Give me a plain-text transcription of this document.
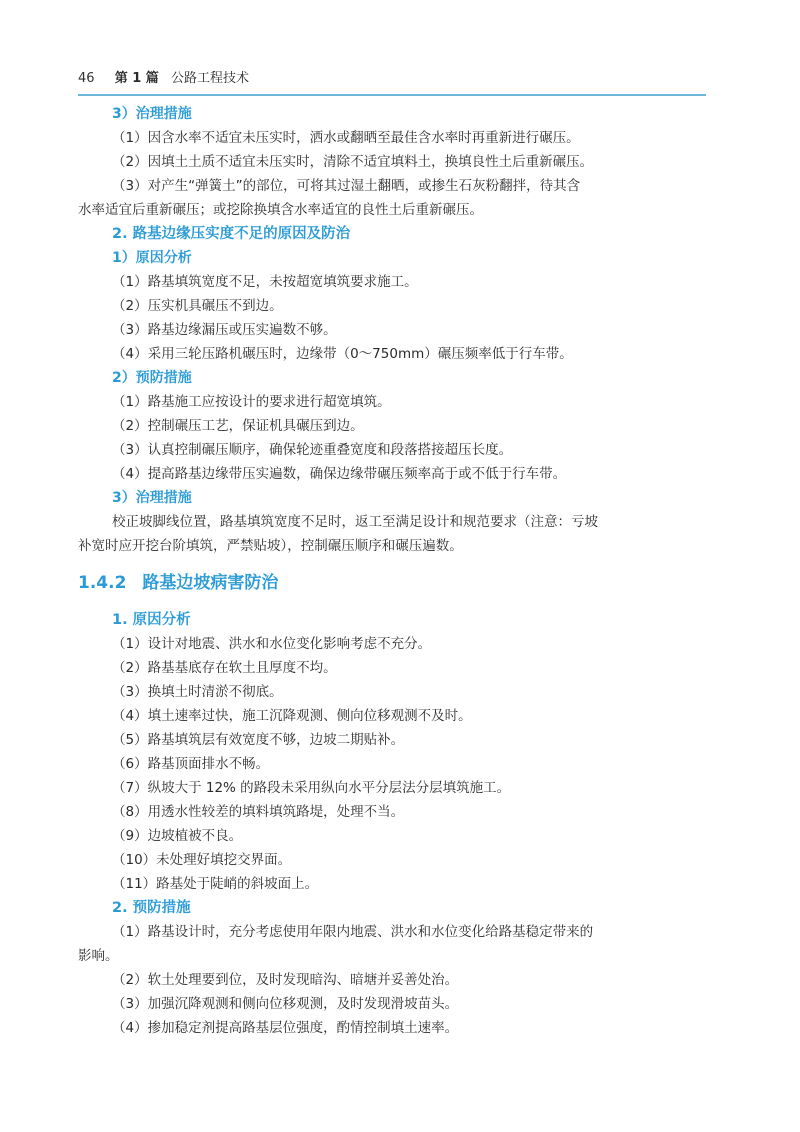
46 第 1 篇 公路工程技术
3）治理措施
（1）因含水率不适宜未压实时，洒水或翻晒至最佳含水率时再重新进行碾压。
（2）因填土土质不适宜未压实时，清除不适宜填料土，换填良性土后重新碾压。
（3）对产生“弹簧土”的部位，可将其过湿土翻晒，或掺生石灰粉翻拌，待其含
水率适宜后重新碾压；或挖除换填含水率适宜的良性土后重新碾压。
2. 路基边缘压实度不足的原因及防治
1）原因分析
（1）路基填筑宽度不足，未按超宽填筑要求施工。
（2）压实机具碾压不到边。
（3）路基边缘漏压或压实遍数不够。
（4）采用三轮压路机碾压时，边缘带（0～750mm）碾压频率低于行车带。
2）预防措施
（1）路基施工应按设计的要求进行超宽填筑。
（2）控制碾压工艺，保证机具碾压到边。
（3）认真控制碾压顺序，确保轮迹重叠宽度和段落搭接超压长度。
（4）提高路基边缘带压实遍数，确保边缘带碾压频率高于或不低于行车带。
3）治理措施
校正坡脚线位置，路基填筑宽度不足时，返工至满足设计和规范要求（注意：亏坡
补宽时应开挖台阶填筑，严禁贴坡），控制碾压顺序和碾压遍数。
1.4.2 路基边坡病害防治
1. 原因分析
（1）设计对地震、洪水和水位变化影响考虑不充分。
（2）路基基底存在软土且厚度不均。
（3）换填土时清淤不彻底。
（4）填土速率过快，施工沉降观测、侧向位移观测不及时。
（5）路基填筑层有效宽度不够，边坡二期贴补。
（6）路基顶面排水不畅。
（7）纵坡大于 12% 的路段未采用纵向水平分层法分层填筑施工。
（8）用透水性较差的填料填筑路堤，处理不当。
（9）边坡植被不良。
（10）未处理好填挖交界面。
（11）路基处于陡峭的斜坡面上。
2. 预防措施
（1）路基设计时，充分考虑使用年限内地震、洪水和水位变化给路基稳定带来的
影响。
（2）软土处理要到位，及时发现暗沟、暗塘并妥善处治。
（3）加强沉降观测和侧向位移观测，及时发现滑坡苗头。
（4）掺加稳定剂提高路基层位强度，酌情控制填土速率。
